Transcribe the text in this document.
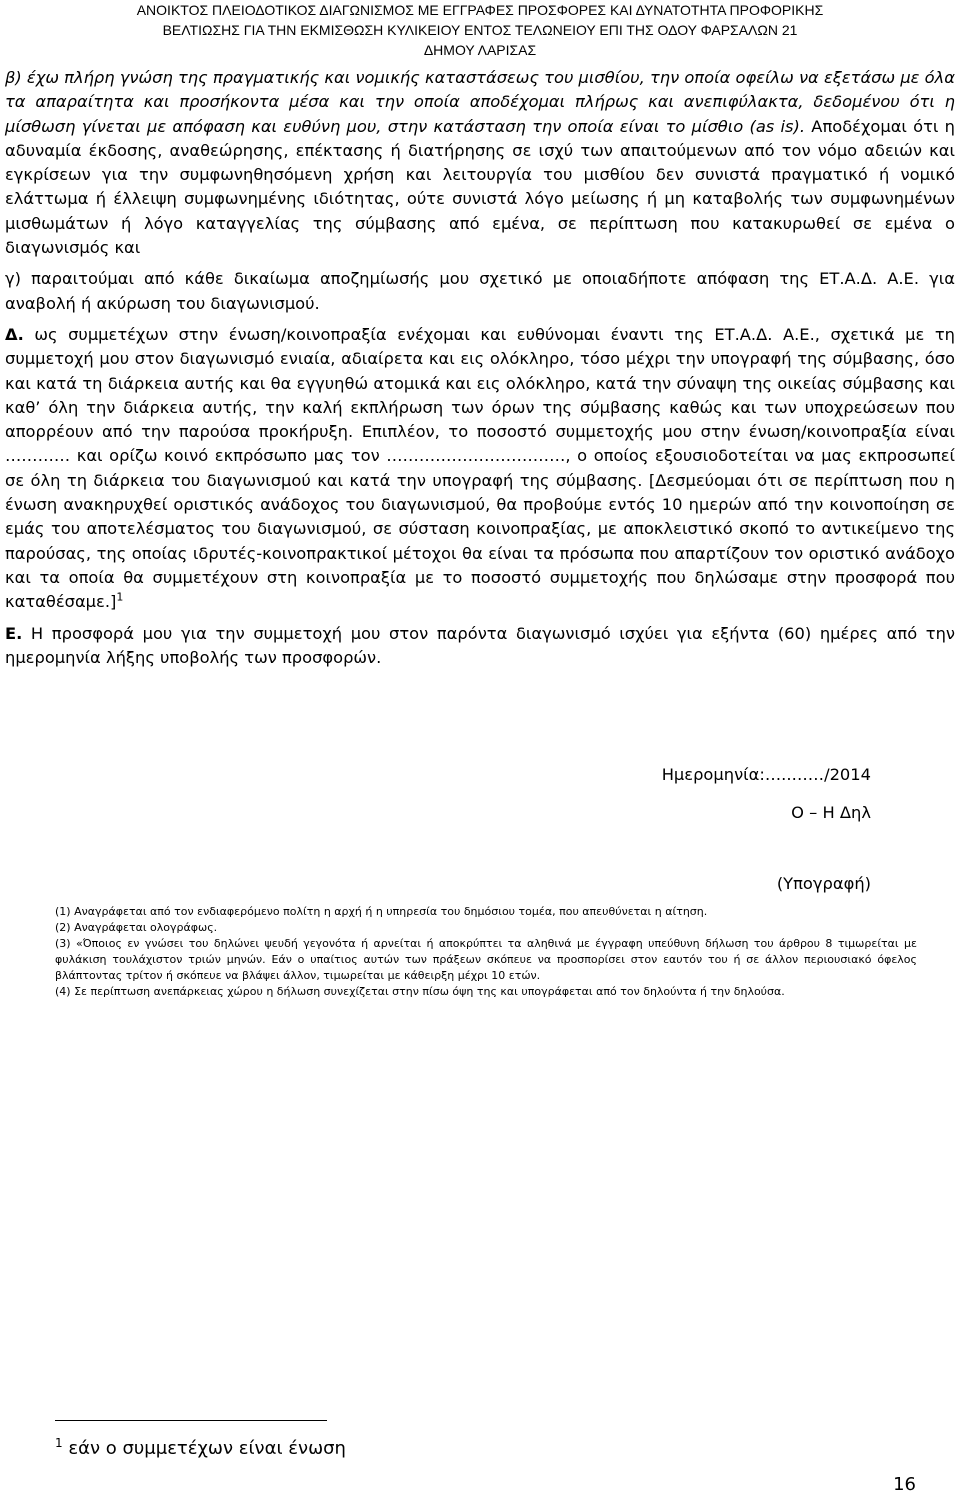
ΑΝΟΙΚΤΟΣ ΠΛΕΙΟΔΟΤΙΚΟΣ ΔΙΑΓΩΝΙΣΜΟΣ ΜΕ ΕΓΓΡΑΦΕΣ ΠΡΟΣΦΟΡΕΣ ΚΑΙ ΔΥΝΑΤΟΤΗΤΑ ΠΡΟΦΟΡΙΚΗΣ
ΒΕΛΤΙΩΣΗΣ ΓΙΑ ΤΗΝ ΕΚΜΙΣΘΩΣΗ ΚΥΛΙΚΕΙΟΥ ΕΝΤΟΣ ΤΕΛΩΝΕΙΟΥ ΕΠΙ ΤΗΣ ΟΔΟΥ ΦΑΡΣΑΛΩΝ 21
ΔΗΜΟΥ ΛΑΡΙΣΑΣ

β) έχω πλήρη γνώση της πραγματικής και νομικής καταστάσεως του μισθίου, την οποία οφείλω να εξετάσω με όλα τα απαραίτητα και προσήκοντα μέσα και την οποία αποδέχομαι πλήρως και ανεπιφύλακτα, δεδομένου ότι η μίσθωση γίνεται με απόφαση και ευθύνη μου, στην κατάσταση την οποία είναι το μίσθιο (as is). Αποδέχομαι ότι η αδυναμία έκδοσης, αναθεώρησης, επέκτασης ή διατήρησης σε ισχύ των απαιτούμενων από τον νόμο αδειών και εγκρίσεων για την συμφωνηθησόμενη χρήση και λειτουργία του μισθίου δεν συνιστά πραγματικό ή νομικό ελάττωμα ή έλλειψη συμφωνημένης ιδιότητας, ούτε συνιστά λόγο μείωσης ή μη καταβολής των συμφωνημένων μισθωμάτων ή λόγο καταγγελίας της σύμβασης από εμένα, σε περίπτωση που κατακυρωθεί σε εμένα ο διαγωνισμός και

γ) παραιτούμαι από κάθε δικαίωμα αποζημίωσής μου σχετικό με οποιαδήποτε απόφαση της ΕΤ.Α.Δ. Α.Ε. για αναβολή ή ακύρωση του διαγωνισμού.

Δ. ως συμμετέχων στην ένωση/κοινοπραξία ενέχομαι και ευθύνομαι έναντι της ΕΤ.Α.Δ. Α.Ε., σχετικά με τη συμμετοχή μου στον διαγωνισμό ενιαία, αδιαίρετα και εις ολόκληρο, τόσο μέχρι την υπογραφή της σύμβασης, όσο και κατά τη διάρκεια αυτής και θα εγγυηθώ ατομικά και εις ολόκληρο, κατά την σύναψη της οικείας σύμβασης και καθ’ όλη την διάρκεια αυτής, την καλή εκπλήρωση των όρων της σύμβασης καθώς και των υποχρεώσεων που απορρέουν από την παρούσα προκήρυξη. Επιπλέον, το ποσοστό συμμετοχής μου στην ένωση/κοινοπραξία είναι ………… και ορίζω κοινό εκπρόσωπο μας τον ……………………………, ο οποίος εξουσιοδοτείται να μας εκπροσωπεί σε όλη τη διάρκεια του διαγωνισμού και κατά την υπογραφή της σύμβασης. [Δεσμεύομαι ότι σε περίπτωση που η ένωση ανακηρυχθεί οριστικός ανάδοχος του διαγωνισμού, θα προβούμε εντός 10 ημερών από την κοινοποίηση σε εμάς του αποτελέσματος του διαγωνισμού, σε σύσταση κοινοπραξίας, με αποκλειστικό σκοπό το αντικείμενο της παρούσας, της οποίας ιδρυτές-κοινοπρακτικοί μέτοχοι θα είναι τα πρόσωπα που απαρτίζουν τον οριστικό ανάδοχο και τα οποία θα συμμετέχουν στη κοινοπραξία με το ποσοστό συμμετοχής που δηλώσαμε στην προσφορά που καταθέσαμε.]$^1$

Ε. Η προσφορά μου για την συμμετοχή μου στον παρόντα διαγωνισμό ισχύει για εξήντα (60) ημέρες από την ημερομηνία λήξης υποβολής των προσφορών.

Ημερομηνία:…..……/2014
Ο – Η Δηλ
(Υπογραφή)
(1) Αναγράφεται από τον ενδιαφερόμενο πολίτη η αρχή ή η υπηρεσία του δημόσιου τομέα, που απευθύνεται η αίτηση.
(2) Αναγράφεται ολογράφως.
(3) «Όποιος εν γνώσει του δηλώνει ψευδή γεγονότα ή αρνείται ή αποκρύπτει τα αληθινά με έγγραφη υπεύθυνη δήλωση του άρθρου 8 τιμωρείται με φυλάκιση τουλάχιστον τριών μηνών. Εάν ο υπαίτιος αυτών των πράξεων σκόπευε να προσπορίσει στον εαυτόν του ή σε άλλον περιουσιακό όφελος βλάπτοντας τρίτον ή σκόπευε να βλάψει άλλον, τιμωρείται με κάθειρξη μέχρι 10 ετών.
(4) Σε περίπτωση ανεπάρκειας χώρου η δήλωση συνεχίζεται στην πίσω όψη της και υπογράφεται από τον δηλούντα ή την δηλούσα.
$^1$ εάν ο συμμετέχων είναι ένωση
16
